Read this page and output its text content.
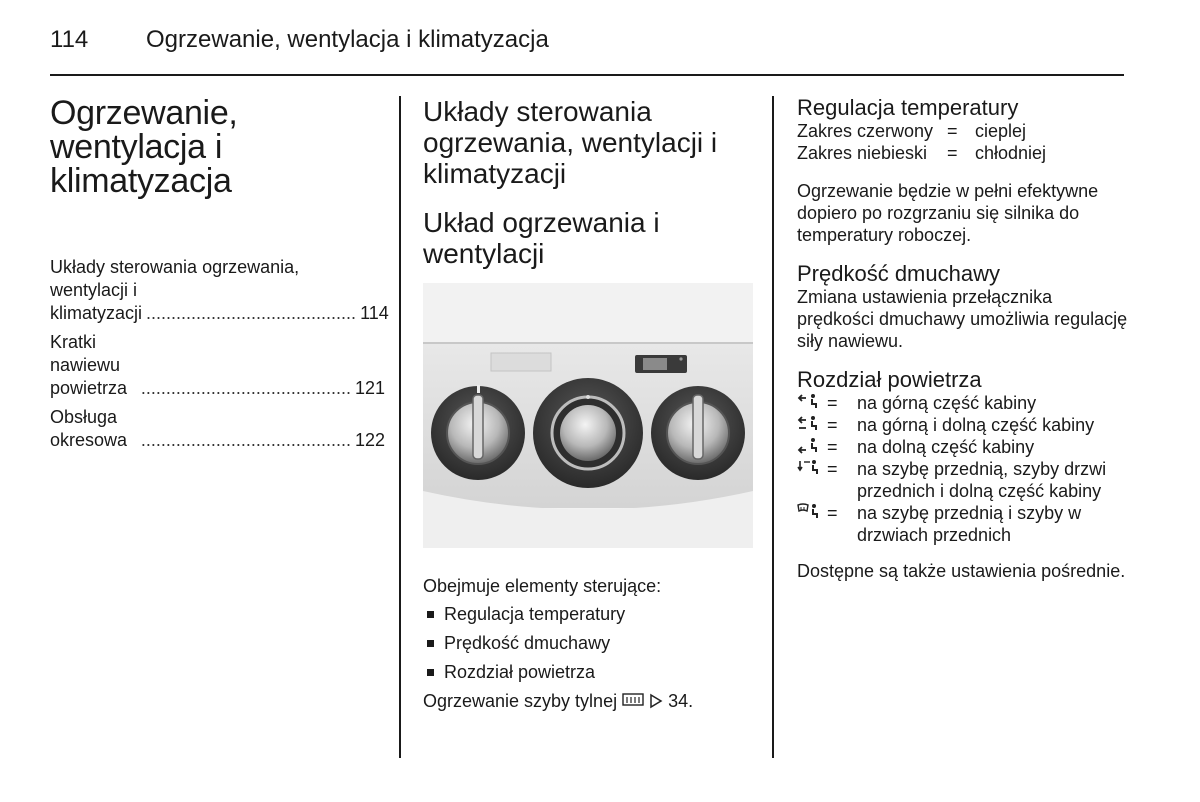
114 Ogrzewanie, wentylacja i klimatyzacja
Ogrzewanie, wentylacja i klimatyzacja
Układy sterowania ogrzewania,
wentylacji i klimatyzacji .......................................... 114
Kratki nawiewu powietrza .......................................... 121
Obsługa okresowa .......................................... 122
Układy sterowania ogrzewania, wentylacji i klimatyzacji
Układ ogrzewania i wentylacji

Obejmuje elementy sterujące:

Regulacja temperatury
Prędkość dmuchawy
Rozdział powietrza

Ogrzewanie szyby tylnej	34.

Regulacja temperatury
Zakres czerwony = cieplej
Zakres niebieski	= chłodniej

Ogrzewanie będzie w pełni efektywne dopiero po rozgrzaniu się silnika do temperatury roboczej.

Prędkość dmuchawy

Zmiana ustawienia przełącznika prędkości dmuchawy umożliwia regulację siły nawiewu.

Rozdział powietrza
=	na górną część kabiny
=	na górną i dolną część kabiny
=	na dolną część kabiny
=	na szybę przednią, szyby drzwi przednich i dolną część kabiny
=	na szybę przednią i szyby w drzwiach przednich

Dostępne są także ustawienia pośrednie.
